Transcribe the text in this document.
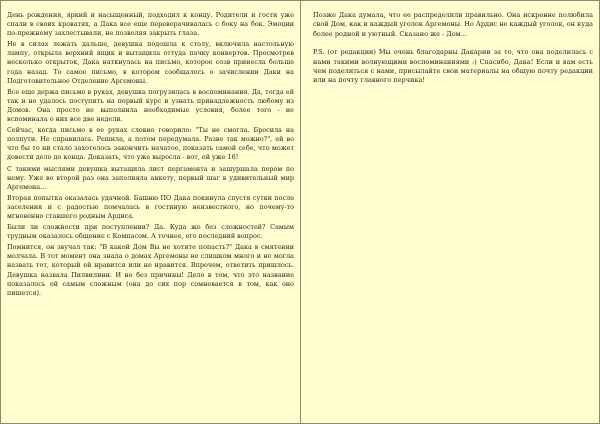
День рождения, яркий и насыщенный, подходил к концу. Родители и гости уже спали в своих кроватях, а Дака все еще переворачивалась с боку на бок. Эмоции по-прежнему захлестывали, не позволяя закрыть глаза.

Не в силах лежать дальше, девушка подошла к столу, включила настольную лампу, открыла верхний ящик и вытащила оттуда пачку конвертов. Просмотрев несколько открыток, Дака наткнулась на письмо, которое созв принесла больше года назад. То самое письмо, в котором сообщалось о зачислении Даки на Подготовительное Отделение Аргемоны.

Все еще держа письмо в руках, девушка погрузилась в воспоминания. Да, тогда ей так и не удалось поступить на первый курс и узнать принадлежность любому из Домов. Она просто не выполнила необходимые условия, более того - не вспоминала о них все две недели.

Сейчас, когда письмо в ее руках словно говорило: "Ты не смогла. Бросила на полпути. Не справилась. Решила, а потом передумала. Разве так можно?", ей во что бы то ни стало захотелось закончить начатое, показать самой себе, что может довести дело до конца. Доказать, что уже выросла - вот, ей уже 16!

С такими мыслями девушка вытащила лист пергамента и зашуршала пером по нему. Уже во второй раз она заполняла анкету, первый шаг в удивительный мир Аргемона...

Вторая попытка оказалась удачной. Башню ПО Дака покинула спустя сутки после заселения и с радостью помчалась в гостиную неизвестного, но почему-то мгновенно ставшего родным Ардиса.

Были ли сложности при поступлении? Да. Куда же без сложностей? Самым трудным оказалось общение с Компасом. А точнее, его последний вопрос.

Помнится, он звучал так: "В какой Дом Вы не хотите попасть?" Дака в смятении молчала. В тот момент она знала о домах Аргемоны не слишком много и не могла назвать тот, который ей нравится или не нравится. Впрочем, ответить пришлось. Девушка назвала Пилвилинн. И не без причины! Дело в том, что это название показалось ей самым сложным (она до сих пор сомневается в том, как оно пишется).

Позже Дака думала, что ее распределили правильно. Она искренне полюбила свой Дом, как и каждый уголок Аргемоны. Но Ардис не каждый уголок, он куда более родной и уютный. Сказано же - Дом...

P.S. (от редакции) Мы очень благодарны Дакарии за то, что она поделилась с нами такими волнующими воспоминаниями :) Спасибо, Дака! Если и вам есть чем поделиться с нами, присылайте свои материалы на общую почту редакции или на почту главного перчика!
